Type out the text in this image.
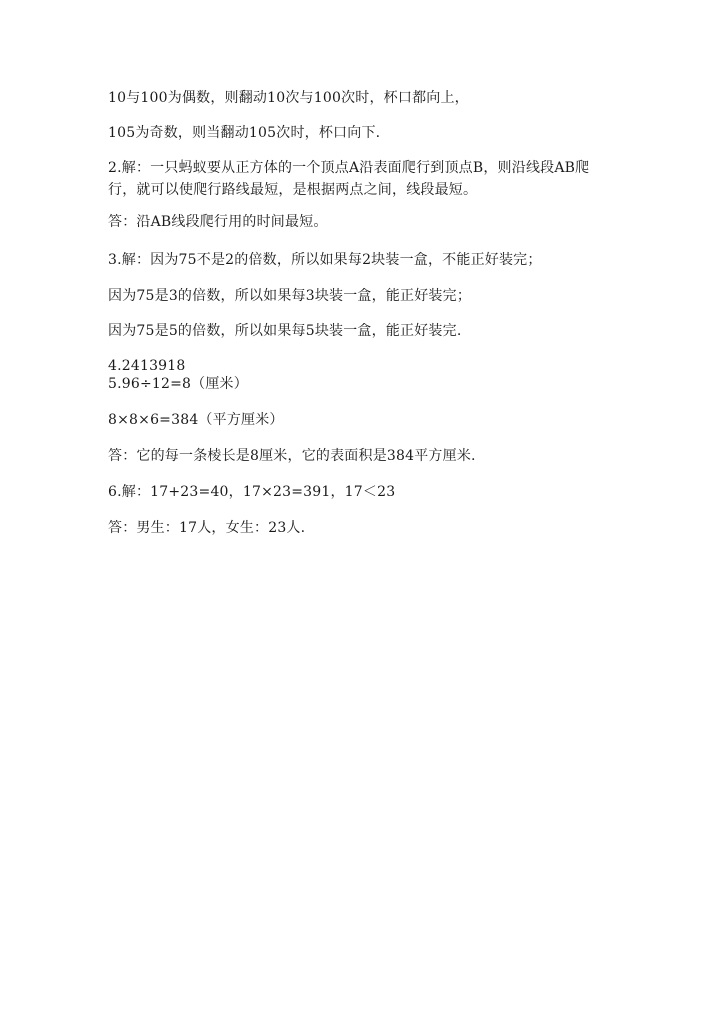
10与100为偶数，则翻动10次与100次时，杯口都向上，
105为奇数，则当翻动105次时，杯口向下.
2.解：一只蚂蚁要从正方体的一个顶点A沿表面爬行到顶点B，则沿线段AB爬行，就可以使爬行路线最短，是根据两点之间，线段最短。
答：沿AB线段爬行用的时间最短。
3.解：因为75不是2的倍数，所以如果每2块装一盒，不能正好装完；
因为75是3的倍数，所以如果每3块装一盒，能正好装完；
因为75是5的倍数，所以如果每5块装一盒，能正好装完.
4.2413918
5.96÷12=8（厘米）
8×8×6=384（平方厘米）
答：它的每一条棱长是8厘米，它的表面积是384平方厘米.
6.解：17+23=40，17×23=391，17＜23
答：男生：17人，女生：23人.
